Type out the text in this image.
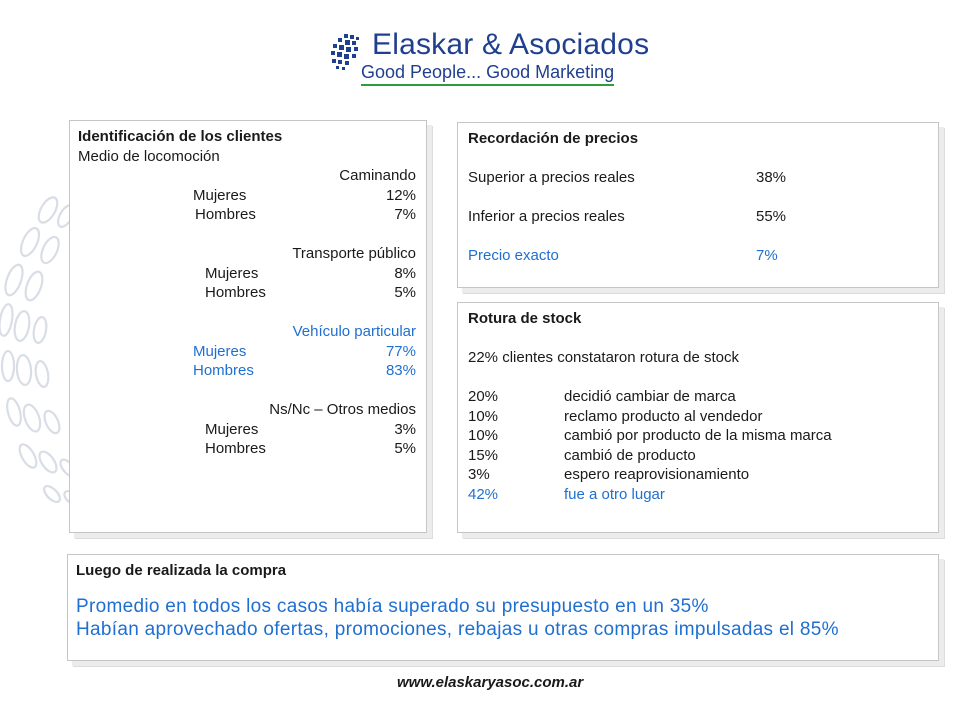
Elaskar & Asociados
Good People... Good Marketing
Identificación de los clientes
Medio de locomoción
Caminando
Mujeres	12%
Hombres	7%
Transporte público
Mujeres	8%
Hombres	5%
Vehículo particular
Mujeres	77%
Hombres	83%
Ns/Nc – Otros medios
Mujeres	3%
Hombres	5%
Recordación de precios
Superior a precios reales	38%
Inferior a precios reales	55%
Precio exacto	7%
Rotura de stock
22% clientes constataron rotura de stock
20%	decidió cambiar de marca
10%	reclamo producto al vendedor
10%	cambió por producto de la misma marca
15%	cambió de producto
3%	espero reaprovisionamiento
42%	fue a otro lugar
Luego de realizada la compra
Promedio en todos los casos había superado su presupuesto en un 35%
Habían aprovechado ofertas, promociones, rebajas u otras compras impulsadas el 85%
www.elaskaryasoc.com.ar
